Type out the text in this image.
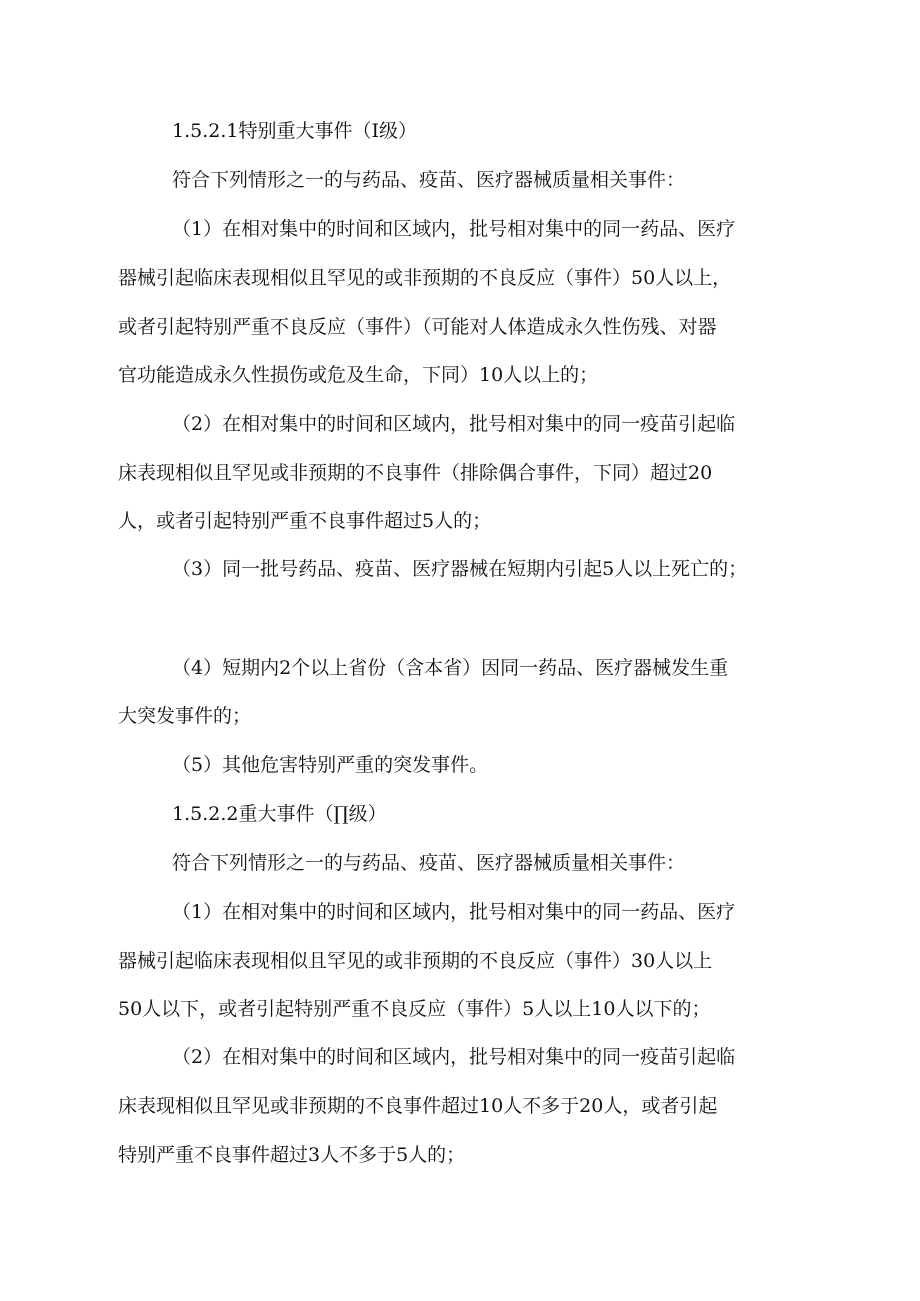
1.5.2.1特别重大事件（Ⅰ级）
符合下列情形之一的与药品、疫苗、医疗器械质量相关事件：
（1）在相对集中的时间和区域内，批号相对集中的同一药品、医疗
器械引起临床表现相似且罕见的或非预期的不良反应（事件）50人以上，
或者引起特别严重不良反应（事件）（可能对人体造成永久性伤残、对器
官功能造成永久性损伤或危及生命，下同）10人以上的；
（2）在相对集中的时间和区域内，批号相对集中的同一疫苗引起临
床表现相似且罕见或非预期的不良事件（排除偶合事件，下同）超过20
人，或者引起特别严重不良事件超过5人的；
（3）同一批号药品、疫苗、医疗器械在短期内引起5人以上死亡的；
（4）短期内2个以上省份（含本省）因同一药品、医疗器械发生重
大突发事件的；
（5）其他危害特别严重的突发事件。
1.5.2.2重大事件（∏级）
符合下列情形之一的与药品、疫苗、医疗器械质量相关事件：
（1）在相对集中的时间和区域内，批号相对集中的同一药品、医疗
器械引起临床表现相似且罕见的或非预期的不良反应（事件）30人以上
50人以下，或者引起特别严重不良反应（事件）5人以上10人以下的；
（2）在相对集中的时间和区域内，批号相对集中的同一疫苗引起临
床表现相似且罕见或非预期的不良事件超过10人不多于20人，或者引起
特别严重不良事件超过3人不多于5人的；
